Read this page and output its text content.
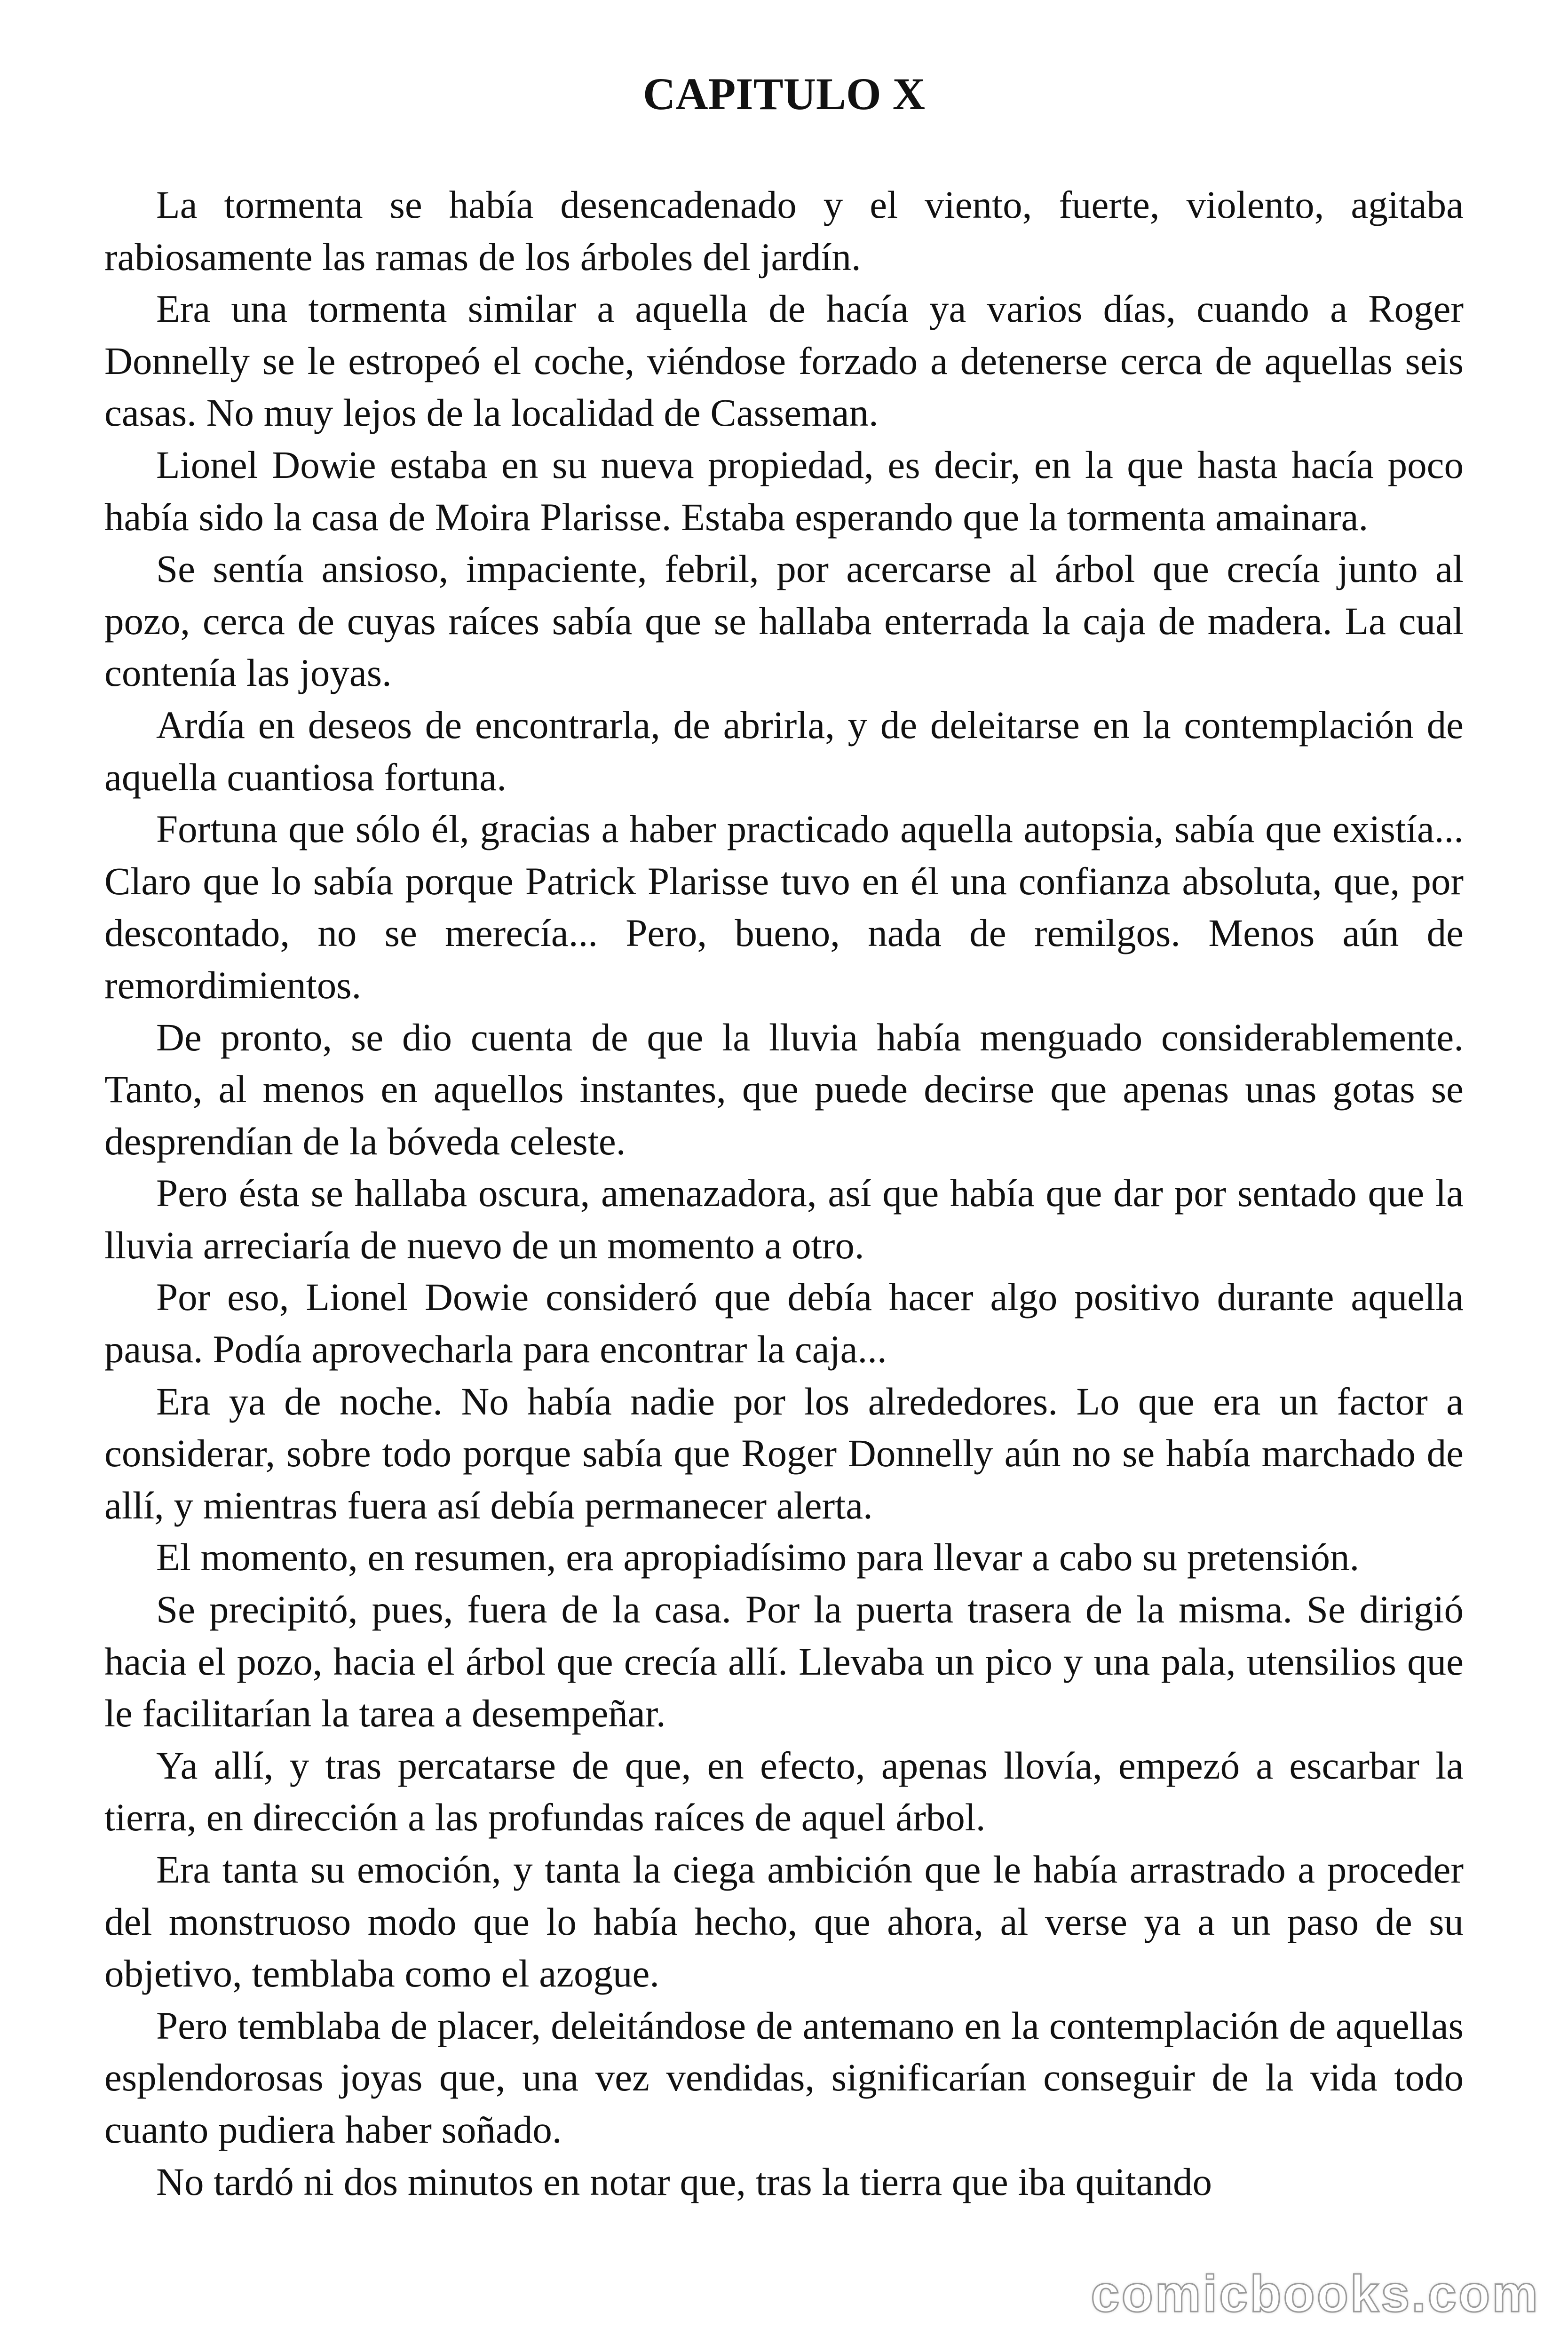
CAPITULO X

La tormenta se había desencadenado y el viento, fuerte, violento, agitaba rabiosamente las ramas de los árboles del jardín.

Era una tormenta similar a aquella de hacía ya varios días, cuando a Roger Donnelly se le estropeó el coche, viéndose forzado a detenerse cerca de aquellas seis casas. No muy lejos de la localidad de Casseman.

Lionel Dowie estaba en su nueva propiedad, es decir, en la que hasta hacía poco había sido la casa de Moira Plarisse. Estaba esperando que la tormenta amainara.

Se sentía ansioso, impaciente, febril, por acercarse al árbol que crecía junto al pozo, cerca de cuyas raíces sabía que se hallaba enterrada la caja de madera. La cual contenía las joyas.

Ardía en deseos de encontrarla, de abrirla, y de deleitarse en la contemplación de aquella cuantiosa fortuna.

Fortuna que sólo él, gracias a haber practicado aquella autopsia, sabía que existía... Claro que lo sabía porque Patrick Plarisse tuvo en él una confianza absoluta, que, por descontado, no se merecía... Pero, bueno, nada de remilgos. Menos aún de remordimientos.

De pronto, se dio cuenta de que la lluvia había menguado considerablemente. Tanto, al menos en aquellos instantes, que puede decirse que apenas unas gotas se desprendían de la bóveda celeste.

Pero ésta se hallaba oscura, amenazadora, así que había que dar por sentado que la lluvia arreciaría de nuevo de un momento a otro.

Por eso, Lionel Dowie consideró que debía hacer algo positivo durante aquella pausa. Podía aprovecharla para encontrar la caja...

Era ya de noche. No había nadie por los alrededores. Lo que era un factor a considerar, sobre todo porque sabía que Roger Donnelly aún no se había marchado de allí, y mientras fuera así debía permanecer alerta.

El momento, en resumen, era apropiadísimo para llevar a cabo su pretensión.

Se precipitó, pues, fuera de la casa. Por la puerta trasera de la misma. Se dirigió hacia el pozo, hacia el árbol que crecía allí. Llevaba un pico y una pala, utensilios que le facilitarían la tarea a desempeñar.

Ya allí, y tras percatarse de que, en efecto, apenas llovía, empezó a escarbar la tierra, en dirección a las profundas raíces de aquel árbol.

Era tanta su emoción, y tanta la ciega ambición que le había arrastrado a proceder del monstruoso modo que lo había hecho, que ahora, al verse ya a un paso de su objetivo, temblaba como el azogue.

Pero temblaba de placer, deleitándose de antemano en la contemplación de aquellas esplendorosas joyas que, una vez vendidas, significarían conseguir de la vida todo cuanto pudiera haber soñado.

No tardó ni dos minutos en notar que, tras la tierra que iba quitando

comicbooks.com
